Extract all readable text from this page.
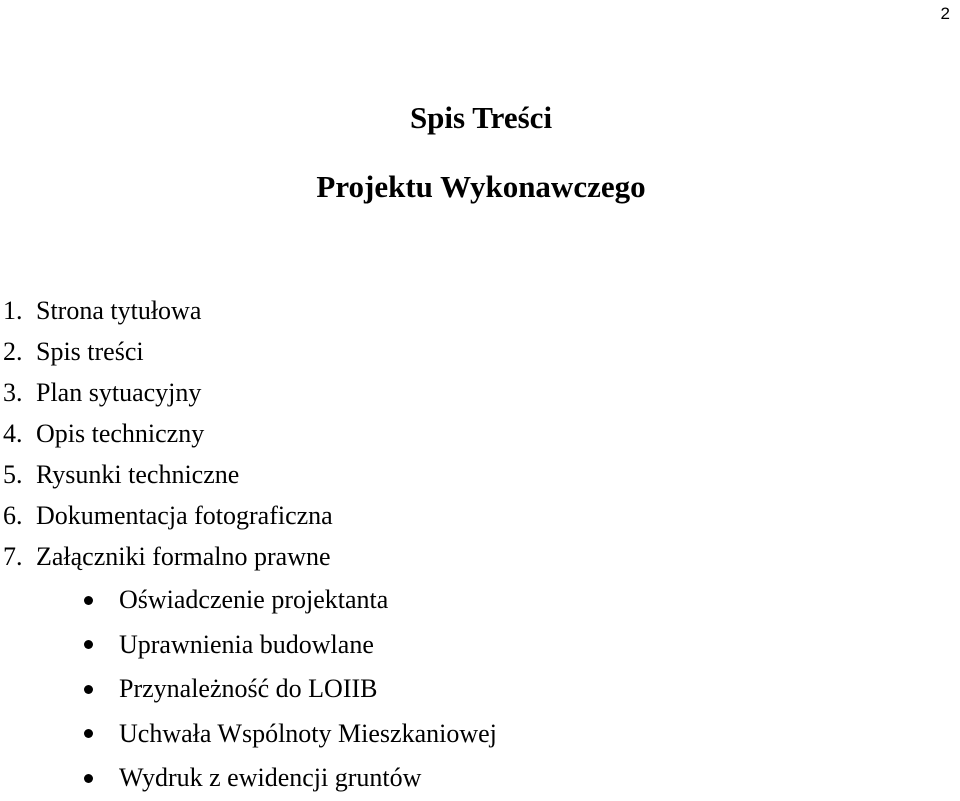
2
Spis Treści
Projektu Wykonawczego
1. Strona tytułowa
2. Spis treści
3. Plan sytuacyjny
4. Opis techniczny
5. Rysunki techniczne
6. Dokumentacja fotograficzna
7. Załączniki formalno prawne
Oświadczenie projektanta
Uprawnienia budowlane
Przynależność do LOIIB
Uchwała Wspólnoty Mieszkaniowej
Wydruk z ewidencji gruntów
